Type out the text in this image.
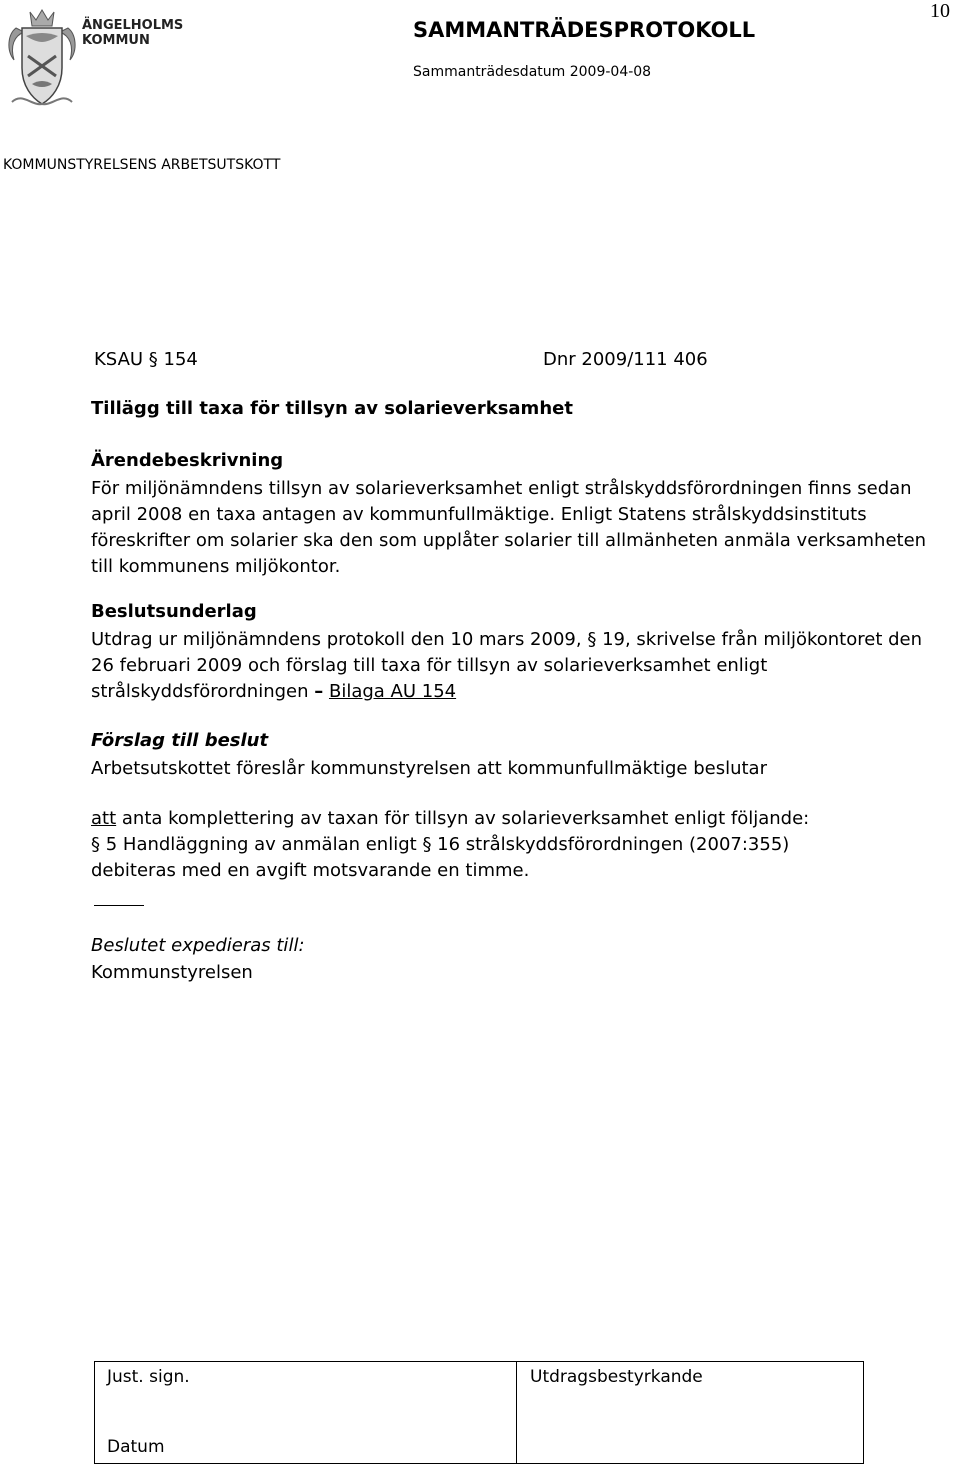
ÄNGELHOLMS
KOMMUN
10
SAMMANTRÄDESPROTOKOLL
Sammanträdesdatum 2009-04-08
KOMMUNSTYRELSENS ARBETSUTSKOTT
KSAU § 154	Dnr 2009/111 406
Tillägg till taxa för tillsyn av solarieverksamhet
Ärendebeskrivning
För miljönämndens tillsyn av solarieverksamhet enligt strålskyddsförordningen finns sedan april 2008 en taxa antagen av kommunfullmäktige. Enligt Statens strålskyddsinstituts föreskrifter om solarier ska den som upplåter solarier till allmänheten anmäla verksamheten till kommunens miljökontor.
Beslutsunderlag
Utdrag ur miljönämndens protokoll den 10 mars 2009, § 19, skrivelse från miljökontoret den 26 februari 2009 och förslag till taxa för tillsyn av solarieverksamhet enligt strålskyddsförordningen – Bilaga AU 154
Förslag till beslut
Arbetsutskottet föreslår kommunstyrelsen att kommunfullmäktige beslutar
att anta komplettering av taxan för tillsyn av solarieverksamhet enligt följande:
§ 5 Handläggning av anmälan enligt § 16 strålskyddsförordningen (2007:355)
debiteras med en avgift motsvarande en timme.
Beslutet expedieras till:
Kommunstyrelsen
Just. sign.
Datum
Utdragsbestyrkande
